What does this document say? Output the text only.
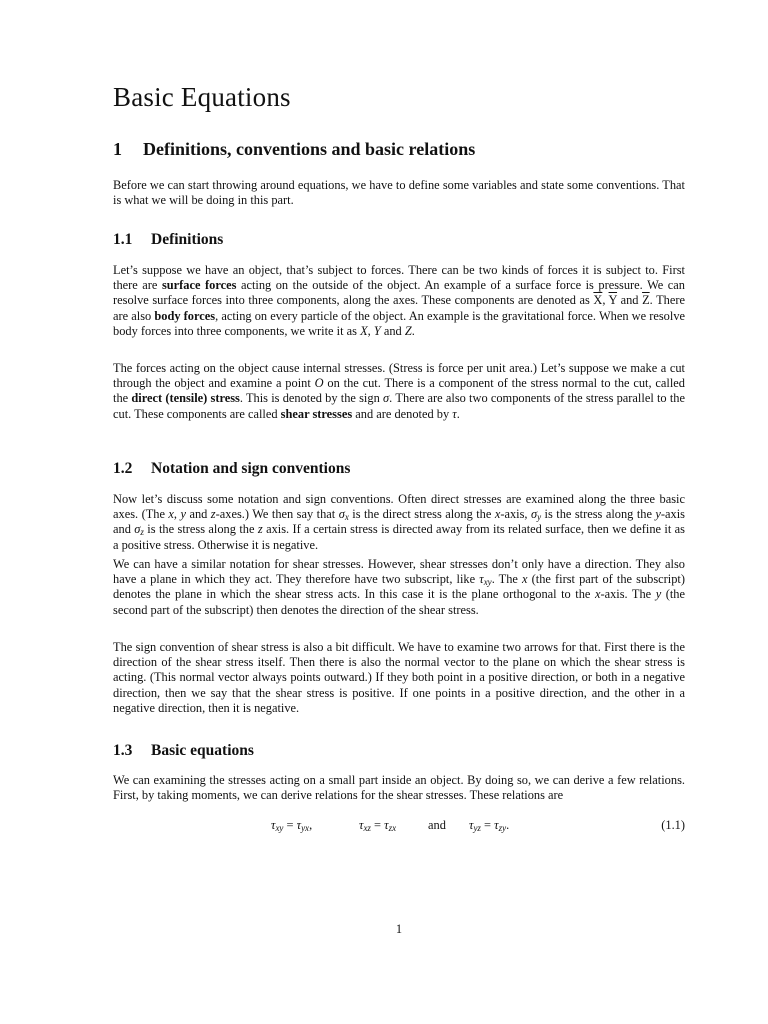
Basic Equations
1 Definitions, conventions and basic relations

Before we can start throwing around equations, we have to define some variables and state some conventions. That is what we will be doing in this part.

1.1 Definitions

Let’s suppose we have an object, that’s subject to forces. There can be two kinds of forces it is subject to. First there are surface forces acting on the outside of the object. An example of a surface force is pressure. We can resolve surface forces into three components, along the axes. These components are denoted as $\overline{X}$, $\overline{Y}$ and $\overline{Z}$. There are also body forces, acting on every particle of the object. An example is the gravitational force. When we resolve body forces into three components, we write it as X, Y and Z.

The forces acting on the object cause internal stresses. (Stress is force per unit area.) Let’s suppose we make a cut through the object and examine a point O on the cut. There is a component of the stress normal to the cut, called the direct (tensile) stress. This is denoted by the sign σ. There are also two components of the stress parallel to the cut. These components are called shear stresses and are denoted by τ.

1.2 Notation and sign conventions

Now let’s discuss some notation and sign conventions. Often direct stresses are examined along the three basic axes. (The x, y and z-axes.) We then say that $\sigma_x$ is the direct stress along the x-axis, $\sigma_y$ is the stress along the y-axis and $\sigma_z$ is the stress along the z axis. If a certain stress is directed away from its related surface, then we define it as a positive stress. Otherwise it is negative.

We can have a similar notation for shear stresses. However, shear stresses don’t only have a direction. They also have a plane in which they act. They therefore have two subscript, like $\tau_{xy}$. The x (the first part of the subscript) denotes the plane in which the shear stress acts. In this case it is the plane orthogonal to the x-axis. The y (the second part of the subscript) then denotes the direction of the shear stress.

The sign convention of shear stress is also a bit difficult. We have to examine two arrows for that. First there is the direction of the shear stress itself. Then there is also the normal vector to the plane on which the shear stress is acting. (This normal vector always points outward.) If they both point in a positive direction, or both in a negative direction, then we say that the shear stress is positive. If one points in a positive direction, and the other in a negative direction, then it is negative.

1.3 Basic equations

We can examining the stresses acting on a small part inside an object. By doing so, we can derive a few relations. First, by taking moments, we can derive relations for the shear stresses. These relations are

$\tau_{xy} = \tau_{yx}$,	$\tau_{xz} = \tau_{zx}$	and $\tau_{yz} = \tau_{zy}$.	(1.1)
1
